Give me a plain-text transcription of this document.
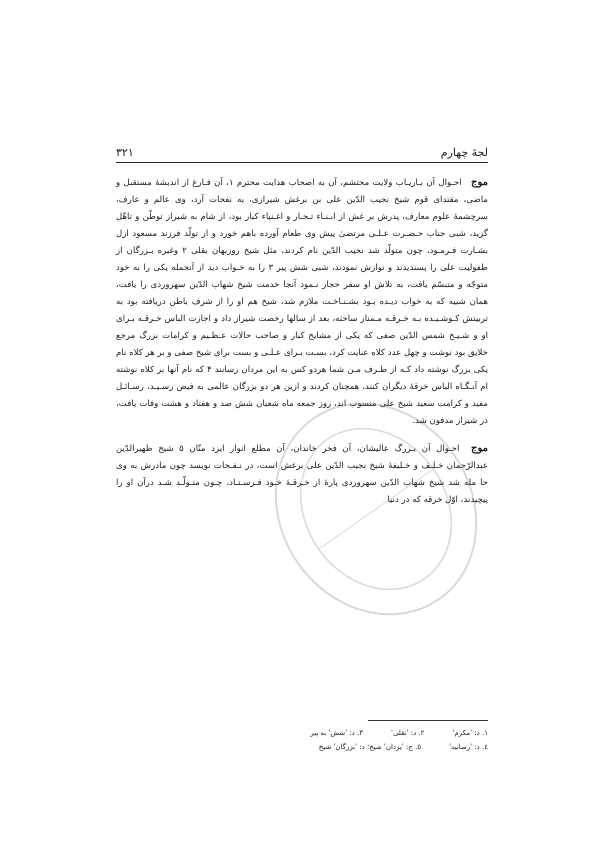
لجهٔ چهارم
۳۲۱

موج احـوال آن بـاریـاب ولایت محتشم، آن به اصحاب هدایت محترم ۱، آن فـارغ از اندیشهٔ مستقبل و ماضی، مقتدای قوم شیخ نجیب الدّین علی بن برغش شیرازی، به نفحات آرد، وی عالم و عارف، سرچشمهٔ علوم معارف، پدرش بر غش از ابـنـاء تـجـار و اغـنیاء کبار بود، از شام به شیراز توطّن و تاهّل گزید، شبی جناب حـضـرت عـلـی مرتضیٰ پیش وی طعام آورده باهم خورد و از تولّد فرزند مسعود ازل بشـارت فـرمـود، چون متولّد شد نجیب الدّین نام کردند، مثل شیخ روزبهان بقلی ۲ وغیره بـزرگان از طفولیت علی را پسندیدند و نوازش نمودند، شبی شش پیر ۳ را به خـواب دید از آنجمله یکی را به خود متوجّه و متبسّم یافت، به تلاش او سفر حجاز نـمود آنجا خدمت شیخ شهاب الدّین سهروردی را یافت، همان شبیه که به خواب دیـده بـود بشـنـاخـت ملازم شد، شیخ هم او را از شرف باطن دریافته بود به تربیتش کـوشـیـده بـه خـرقـه مـمتاز ساخته، بعد از سالها رخصت شیراز داد و اجازت الباس خـرقـه بـرای او و شـیـخ شمس الدّین صفی که یکی از مشایخ کبار و صاحب حالات عـظـیم و کرامات بزرگ مرجع خلایق بود نوشت و چهل عدد کلاه عنایت کرد، بسـت بـرای عـلـی و بست برای شیخ صفی و بر هر کلاه نام یکی بزرگ نوشته داد کـه از طـرف مـن شما هردو کس به این مردان رسانند ۴ که نام آنها بر کلاه نوشته ام آنـگـاه الباس خرقهٔ دیگران کنند، همچنان کردند و ازین هر دو بزرگان عالمی به فیض رسـیـد، رسـائـل مفید و کرامت سعید شیخ علی منسوب اند، روز جمعه ماه شعبان شش صد و هفتاد و هشت وفات یافت، در شیراز مدفون شد.

موج احـوال آن بـزرگ عالیشان، آن فخر خاندان، آن مطلع انوار ایزد منّان ۵ شیخ ظهیرالدّین عبدالرّحمان خـلـف و خـلیفهٔ شیخ نجیب الدّین علی برغش است، در نـفـحات نویسد چون مادرش به وی حا مله شد شیخ شهاب الدّین سهروردی پارهٔ از خـرقـهٔ خـود فـرسـتـاد، چـون متـولّـد شـد درآن او را پیچیدند، اوّل خرقه که در دنیا

۱. د: 'مکرم'
۲. د: 'نقلی'
۳. د: 'شش' به پیر
٤. د: 'رسانید'
٥. ج: 'یزدان' شیخ؛ د: 'بزرگان' شیخ
